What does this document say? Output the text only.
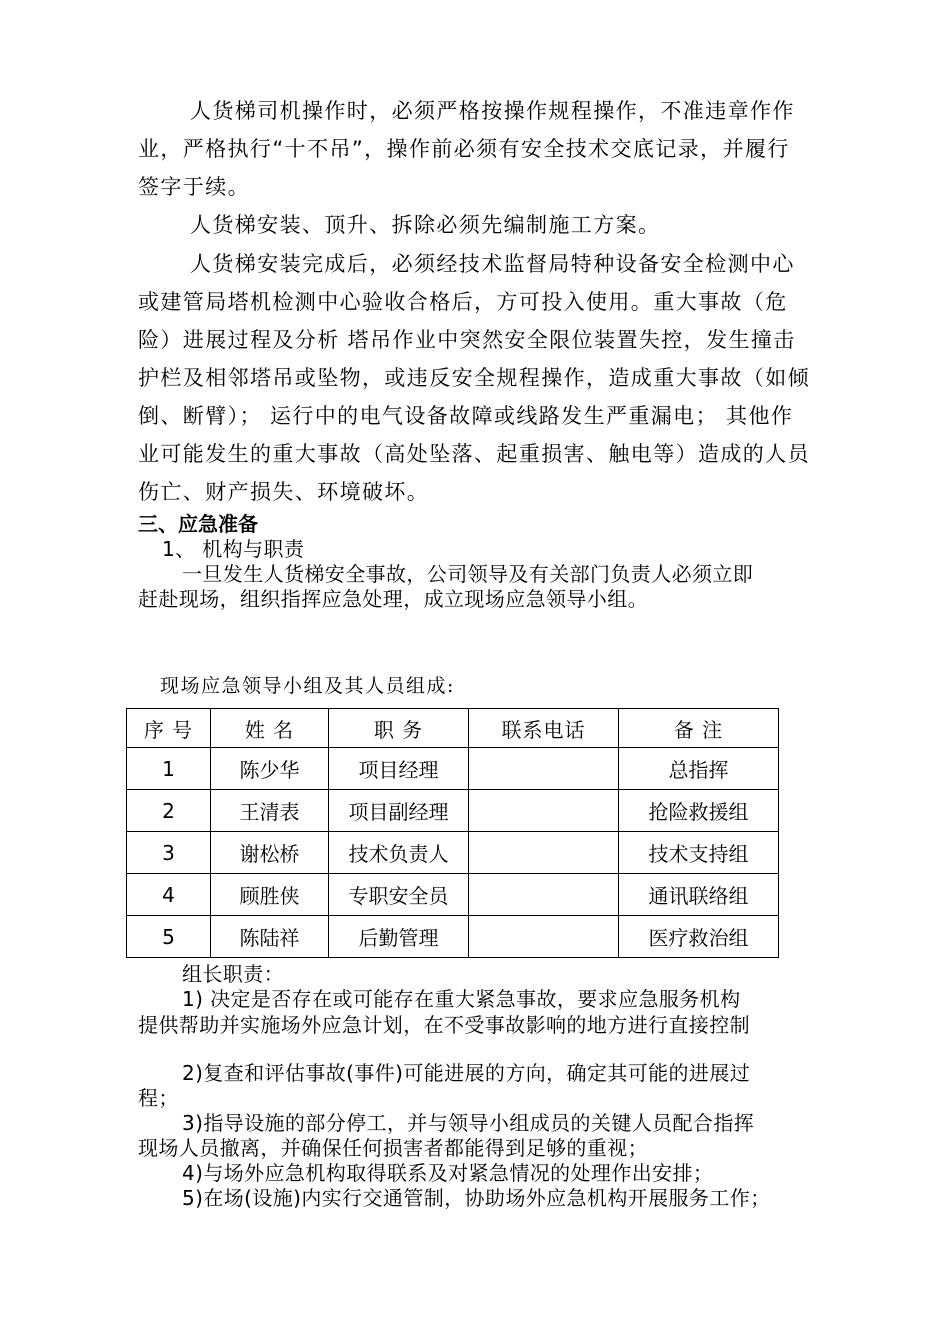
人货梯司机操作时，必须严格按操作规程操作，不准违章作作
业，严格执行“十不吊”，操作前必须有安全技术交底记录，并履行
签字于续。
人货梯安装、顶升、拆除必须先编制施工方案。
人货梯安装完成后，必须经技术监督局特种设备安全检测中心
或建管局塔机检测中心验收合格后，方可投入使用。重大事故（危
险）进展过程及分析 塔吊作业中突然安全限位装置失控，发生撞击
护栏及相邻塔吊或坠物，或违反安全规程操作，造成重大事故（如倾
倒、断臂）； 运行中的电气设备故障或线路发生严重漏电； 其他作
业可能发生的重大事故（高处坠落、起重损害、触电等）造成的人员
伤亡、财产损失、环境破坏。
三、应急准备
1、 机构与职责
一旦发生人货梯安全事故，公司领导及有关部门负责人必须立即
赶赴现场，组织指挥应急处理，成立现场应急领导小组。
现场应急领导小组及其人员组成:
序 号	姓 名	职 务	联系电话	备 注
1	陈少华	项目经理		总指挥
2	王清表	项目副经理		抢险救援组
3	谢松桥	技术负责人		技术支持组
4	顾胜侠	专职安全员		通讯联络组
5	陈陆祥	后勤管理		医疗救治组
组长职责：
1) 决定是否存在或可能存在重大紧急事故，要求应急服务机构
提供帮助并实施场外应急计划，在不受事故影响的地方进行直接控制
2)复查和评估事故(事件)可能进展的方向，确定其可能的进展过
程；
3)指导设施的部分停工，并与领导小组成员的关键人员配合指挥
现场人员撤离，并确保任何损害者都能得到足够的重视；
4)与场外应急机构取得联系及对紧急情况的处理作出安排；
5)在场(设施)内实行交通管制，协助场外应急机构开展服务工作；
